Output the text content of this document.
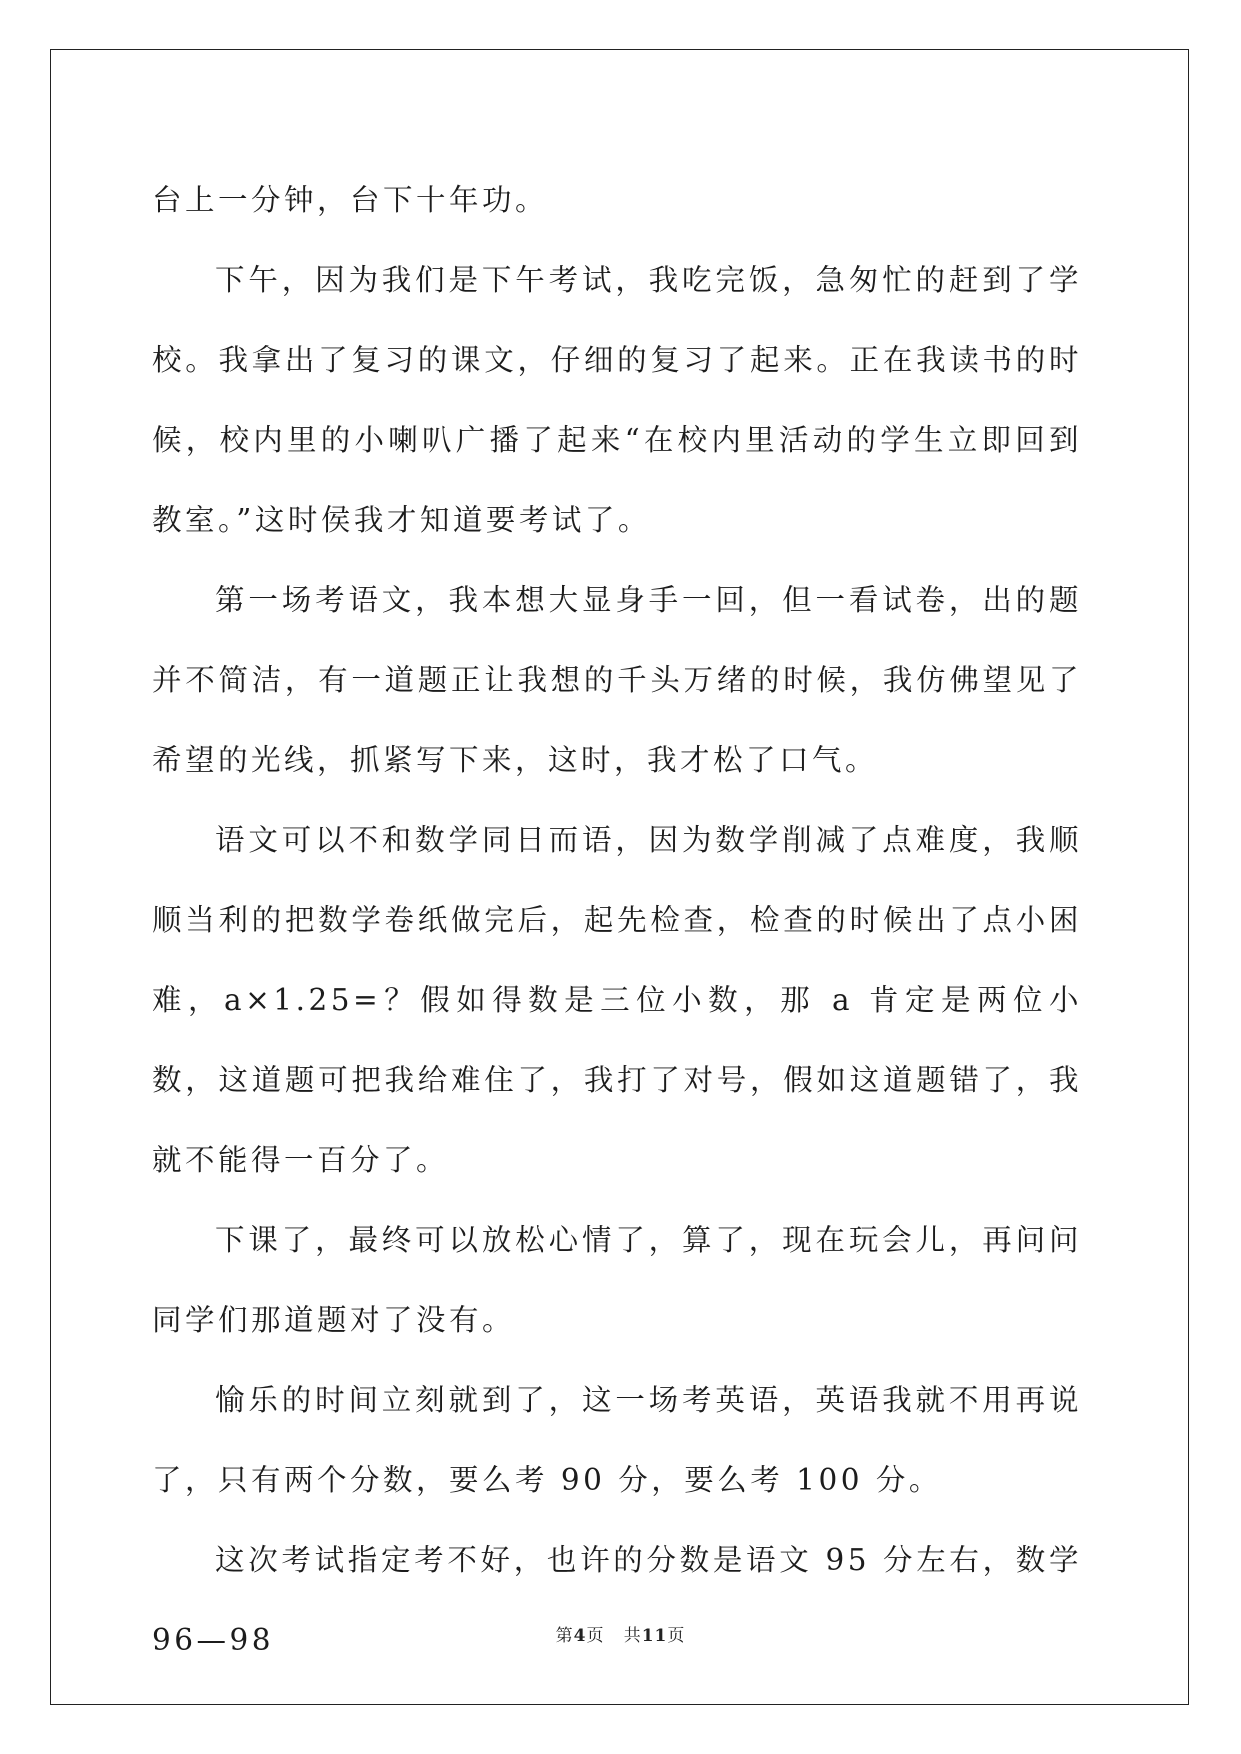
台上一分钟，台下十年功。

下午，因为我们是下午考试，我吃完饭，急匆忙的赶到了学校。我拿出了复习的课文，仔细的复习了起来。正在我读书的时候，校内里的小喇叭广播了起来“在校内里活动的学生立即回到教室。”这时侯我才知道要考试了。

第一场考语文，我本想大显身手一回，但一看试卷，出的题并不简洁，有一道题正让我想的千头万绪的时候，我仿佛望见了希望的光线，抓紧写下来，这时，我才松了口气。

语文可以不和数学同日而语，因为数学削减了点难度，我顺顺当利的把数学卷纸做完后，起先检查，检查的时候出了点小困难，a×1.25=？假如得数是三位小数，那 a 肯定是两位小数，这道题可把我给难住了，我打了对号，假如这道题错了，我就不能得一百分了。

下课了，最终可以放松心情了，算了，现在玩会儿，再问问同学们那道题对了没有。

愉乐的时间立刻就到了，这一场考英语，英语我就不用再说了，只有两个分数，要么考 90 分，要么考 100 分。

这次考试指定考不好，也许的分数是语文 95 分左右，数学 96—98	第4页 共11页
